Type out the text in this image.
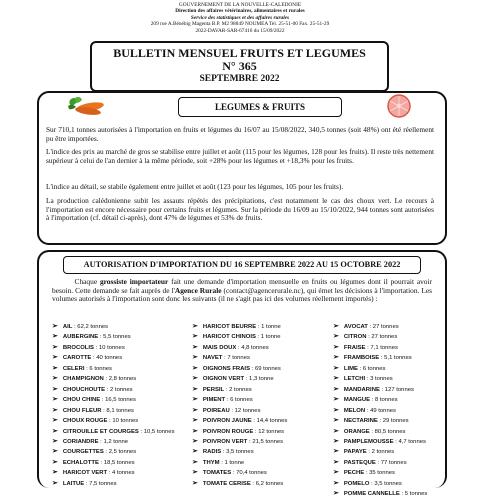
GOUVERNEMENT DE LA NOUVELLE-CALEDONIE
Direction des affaires vétérinaires, alimentaires et rurales
Service des statistiques et des affaires rurales
209 rue A.Bénébig Magenta B.P. M2 98849 NOUMEA Tel. 25-51-00 Fax. 25-51-29
2022-DAVAR-SAR-67416 du 15/09/2022
BULLETIN MENSUEL FRUITS ET LEGUMES
N° 365
SEPTEMBRE 2022
LEGUMES & FRUITS

Sur 710,1 tonnes autorisées à l'importation en fruits et légumes du 16/07 au 15/08/2022, 340,5 tonnes (soit 48%) ont été réellement pu être importées.

L'indice des prix au marché de gros se stabilise entre juillet et août (115 pour les légumes, 128 pour les fruits). Il reste très nettement supérieur à celui de l'an dernier à la même période, soit +28% pour les légumes et +18,3% pour les fruits.

L'indice au détail, se stabile également entre juillet et août (123 pour les légumes, 105 pour les fruits).

La production calédonienne subit les assauts répétés des précipitations, c'est notamment le cas des choux vert. Le recours à l'importation est encore nécessaire pour certains fruits et légumes. Sur la période du 16/09 au 15/10/2022, 944 tonnes sont autorisées à l'importation (cf. détail ci-après), dont 47% de légumes et 53% de fruits.

AUTORISATION D'IMPORTATION DU 16 SEPTEMBRE 2022 AU 15 OCTOBRE 2022

Chaque grossiste importateur fait une demande d'importation mensuelle en fruits ou légumes dont il pourrait avoir besoin. Cette demande se fait auprès de l'Agence Rurale (contact@agencerurale.nc), qui émet les décisions à l'importation. Les volumes autorisés à l'importation sont donc les suivants (il ne s'agit pas ici des volumes réellement importés) :

➢ AIL : 62,2 tonnes
➢ AUBERGINE : 5,5 tonnes
➢ BROCOLIS : 10 tonnes
➢ CAROTTE : 40 tonnes
➢ CELERI : 6 tonnes
➢ CHAMPIGNON : 2,8 tonnes
➢ CHOUCHOUTE : 2 tonnes
➢ CHOU CHINE : 16,5 tonnes
➢ CHOU FLEUR : 8,1 tonnes
➢ CHOUX ROUGE : 10 tonnes
➢ CITROUILLE ET COURGES : 10,5 tonnes
➢ CORIANDRE : 1,2 tonne
➢ COURGETTES : 2,5 tonnes
➢ ECHALOTTE : 18,5 tonnes
➢ HARICOT VERT : 4 tonnes
➢ LAITUE : 7,5 tonnes
➢ HARICOT BEURRE : 1 tonne
➢ HARICOT CHINOIS : 1 tonne
➢ MAIS DOUX : 4,8 tonnes
➢ NAVET : 7 tonnes
➢ OIGNONS FRAIS : 69 tonnes
➢ OIGNON VERT : 1,3 tonne
➢ PERSIL : 2 tonnes
➢ PIMENT : 6 tonnes
➢ POIREAU : 12 tonnes
➢ POIVRON JAUNE : 14,4 tonnes
➢ POIVRON ROUGE : 12 tonnes
➢ POIVRON VERT : 21,5 tonnes
➢ RADIS : 3,5 tonnes
➢ THYM : 1 tonne
➢ TOMATES : 70,4 tonnes
➢ TOMATE CERISE : 6,2 tonnes
➢ AVOCAT : 27 tonnes
➢ CITRON : 27 tonnes
➢ FRAISE : 7,1 tonnes
➢ FRAMBOISE : 5,1 tonnes
➢ LIME : 6 tonnes
➢ LETCHI : 3 tonnes
➢ MANDARINE : 127 tonnes
➢ MANGUE : 8 tonnes
➢ MELON : 49 tonnes
➢ NECTARINE : 29 tonnes
➢ ORANGE : 80,5 tonnes
➢ PAMPLEMOUSSE : 4,7 tonnes
➢ PAPAYE : 2 tonnes
➢ PASTEQUE : 77 tonnes
➢ PECHE : 35 tonnes
➢ POMELO : 3,5 tonnes
➢ POMME CANNELLE : 5 tonnes
